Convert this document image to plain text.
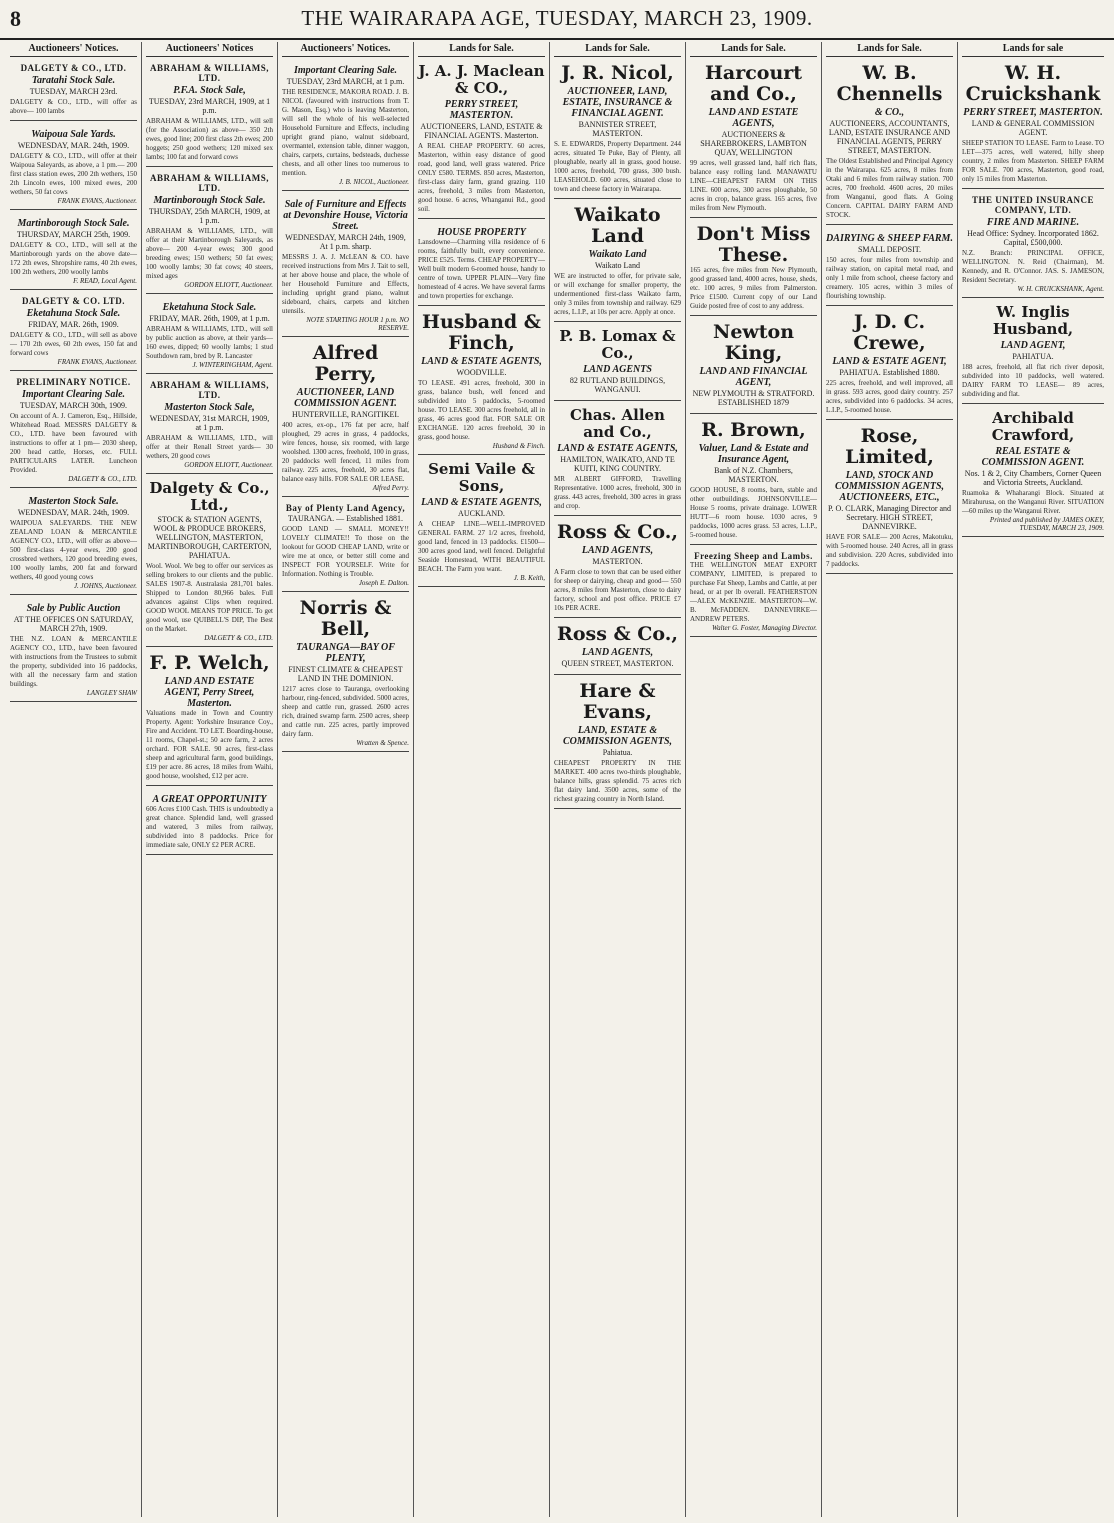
8	THE WAIRARAPA AGE, TUESDAY, MARCH 23, 1909.
Auctioneers' Notices.
DALGETY & CO., LTD.
Taratahi Stock Sale.
TUESDAY, MARCH 23rd.
DALGETY & CO., LTD., will offer as above— 100 lambs
Waipoua Sale Yards.
WEDNESDAY, MAR. 24th, 1909.
DALGETY & CO., LTD., will offer at their Waipoua Saleyards, as above, a 1 pm.— 200 first class station ewes, 200 2th wethers, 150 2th Lincoln ewes, 100 mixed ewes, 200 wethers, 50 fat cows
FRANK EVANS, Auctioneer.
Martinborough Stock Sale.
THURSDAY, MARCH 25th, 1909.
DALGETY & CO., LTD., will sell at the Martinborough yards on the above date— 172 2th ewes, Shropshire rams, 40 2th ewes, 100 2th wethers, 200 woolly lambs
F. READ, Local Agent.
DALGETY & CO. LTD.
Eketahuna Stock Sale.
FRIDAY, MAR. 26th, 1909.
DALGETY & CO., LTD., will sell as above— 170 2th ewes, 60 2th ewes, 150 fat and forward cows
FRANK EVANS, Auctioneer.
PRELIMINARY NOTICE.
Important Clearing Sale.
TUESDAY, MARCH 30th, 1909.
On account of A. J. Cameron, Esq., Hillside, Whitehead Road. MESSRS DALGETY & CO., LTD. have been favoured with instructions to offer at 1 pm— 2030 sheep, 200 head cattle, Horses, etc. FULL PARTICULARS LATER. Luncheon Provided.
DALGETY & CO., LTD.
Masterton Stock Sale.
WEDNESDAY, MAR. 24th, 1909.
WAIPOUA SALEYARDS. THE NEW ZEALAND LOAN & MERCANTILE AGENCY CO., LTD., will offer as above— 500 first-class 4-year ewes, 200 good crossbred wethers, 120 good breeding ewes, 100 woolly lambs, 200 fat and forward wethers, 40 good young cows
J. JOHNS, Auctioneer.
Sale by Public Auction
AT THE OFFICES ON SATURDAY, MARCH 27th, 1909.
THE N.Z. LOAN & MERCANTILE AGENCY CO., LTD., have been favoured with instructions from the Trustees to submit the property, subdivided into 16 paddocks, with all the necessary farm and station buildings.
LANGLEY SHAW
Auctioneers' Notices
ABRAHAM & WILLIAMS, LTD.
P.F.A. Stock Sale,
TUESDAY, 23rd MARCH, 1909, at 1 p.m.
ABRAHAM & WILLIAMS, LTD., will sell (for the Association) as above— 350 2th ewes, good line; 200 first class 2th ewes; 200 hoggets; 250 good wethers; 120 mixed sex lambs; 100 fat and forward cows
ABRAHAM & WILLIAMS, LTD.
Martinborough Stock Sale.
THURSDAY, 25th MARCH, 1909, at 1 p.m.
ABRAHAM & WILLIAMS, LTD., will offer at their Martinborough Saleyards, as above— 200 4-year ewes; 300 good breeding ewes; 150 wethers; 50 fat ewes; 100 woolly lambs; 30 fat cows; 40 steers, mixed ages
GORDON ELIOTT, Auctioneer.
Eketahuna Stock Sale.
FRIDAY, MAR. 26th, 1909, at 1 p.m.
ABRAHAM & WILLIAMS, LTD., will sell by public auction as above, at their yards— 160 ewes, dipped; 60 woolly lambs; 1 stud Southdown ram, bred by R. Lancaster
J. WINTERINGHAM, Agent.
ABRAHAM & WILLIAMS, LTD.
Masterton Stock Sale,
WEDNESDAY, 31st MARCH, 1909, at 1 p.m.
ABRAHAM & WILLIAMS, LTD., will offer at their Renall Street yards— 30 wethers, 20 good cows
GORDON ELIOTT, Auctioneer.
Dalgety & Co., Ltd.,
STOCK & STATION AGENTS, WOOL & PRODUCE BROKERS, WELLINGTON, MASTERTON, MARTINBOROUGH, CARTERTON, PAHIATUA.
Wool. Wool. We beg to offer our services as selling brokers to our clients and the public. SALES 1907-8. Australasia 281,701 bales. Shipped to London 80,966 bales. Full advances against Clips when required. GOOD WOOL MEANS TOP PRICE. To get good wool, use QUIBELL'S DIP, The Best on the Market.
DALGETY & CO., LTD.
F. P. Welch,
LAND AND ESTATE AGENT, Perry Street, Masterton.
Valuations made in Town and Country Property. Agent: Yorkshire Insurance Coy., Fire and Accident. TO LET. Boarding-house, 11 rooms, Chapel-st.; 50 acre farm, 2 acres orchard. FOR SALE. 90 acres, first-class sheep and agricultural farm, good buildings, £19 per acre. 86 acres, 18 miles from Waihi, good house, woolshed, £12 per acre.
A GREAT OPPORTUNITY
606 Acres £100 Cash. THIS is undoubtedly a great chance. Splendid land, well grassed and watered, 3 miles from railway, subdivided into 8 paddocks. Price for immediate sale, ONLY £2 PER ACRE.
Auctioneers' Notices.
Important Clearing Sale.
TUESDAY, 23rd MARCH, at 1 p.m.
THE RESIDENCE, MAKORA ROAD. J. B. NICOL (favoured with instructions from T. G. Mason, Esq.) who is leaving Masterton, will sell the whole of his well-selected Household Furniture and Effects, including upright grand piano, walnut sideboard, overmantel, extension table, dinner waggon, chairs, carpets, curtains, bedsteads, duchesse chests, and all other lines too numerous to mention.
J. B. NICOL, Auctioneer.
Sale of Furniture and Effects at Devonshire House, Victoria Street.
WEDNESDAY, MARCH 24th, 1909, At 1 p.m. sharp.
MESSRS J. A. J. McLEAN & CO. have received instructions from Mrs J. Tait to sell, at her above house and place, the whole of her Household Furniture and Effects, including upright grand piano, walnut sideboard, chairs, carpets and kitchen utensils.
NOTE STARTING HOUR 1 p.m. NO RESERVE.
Alfred Perry,
AUCTIONEER, LAND COMMISSION AGENT.
HUNTERVILLE, RANGITIKEI.
400 acres, ex-op., 176 fat per acre, half ploughed, 29 acres in grass, 4 paddocks, wire fences, house, six roomed, with large woolshed. 1300 acres, freehold, 100 in grass, 20 paddocks well fenced, 11 miles from railway. 225 acres, freehold, 30 acres flat, balance easy hills. FOR SALE OR LEASE.
Alfred Perry.
Bay of Plenty Land Agency,
TAURANGA. — Established 1881.
GOOD LAND — SMALL MONEY!! LOVELY CLIMATE!! To those on the lookout for GOOD CHEAP LAND, write or wire me at once, or better still come and INSPECT FOR YOURSELF. Write for Information. Nothing is Trouble.
Joseph E. Dalton.
Norris & Bell,
TAURANGA—BAY OF PLENTY,
FINEST CLIMATE & CHEAPEST LAND IN THE DOMINION.
1217 acres close to Tauranga, overlooking harbour, ring-fenced, subdivided. 5000 acres, sheep and cattle run, grassed. 2600 acres rich, drained swamp farm. 2500 acres, sheep and cattle run. 225 acres, partly improved dairy farm.
Wratten & Spence.
Lands for Sale.
J. A. J. Maclean & CO.,
PERRY STREET, MASTERTON.
AUCTIONEERS, LAND, ESTATE & FINANCIAL AGENTS. Masterton.
A REAL CHEAP PROPERTY. 60 acres, Masterton, within easy distance of good road, good land, well grass watered. Price ONLY £580. TERMS. 850 acres, Masterton, first-class dairy farm, grand grazing. 110 acres, freehold, 3 miles from Masterton, good house. 6 acres, Whanganui Rd., good soil.
HOUSE PROPERTY
Lansdowne—Charming villa residence of 6 rooms, faithfully built, every convenience. PRICE £525. Terms. CHEAP PROPERTY—Well built modern 6-roomed house, handy to centre of town. UPPER PLAIN—Very fine homestead of 4 acres. We have several farms and town properties for exchange.
Husband & Finch,
LAND & ESTATE AGENTS,
WOODVILLE.
TO LEASE. 491 acres, freehold, 300 in grass, balance bush, well fenced and subdivided into 5 paddocks, 5-roomed house. TO LEASE. 300 acres freehold, all in grass, 46 acres good flat. FOR SALE OR EXCHANGE. 120 acres freehold, 30 in grass, good house.
Husband & Finch.
Semi Vaile & Sons,
LAND & ESTATE AGENTS,
AUCKLAND.
A CHEAP LINE—WELL-IMPROVED GENERAL FARM. 27 1/2 acres, freehold, good land, fenced in 13 paddocks. £1500—300 acres good land, well fenced. Delightful Seaside Homestead, WITH BEAUTIFUL BEACH. The Farm you want.
J. B. Keith,
Lands for Sale.
J. R. Nicol,
AUCTIONEER, LAND, ESTATE, INSURANCE & FINANCIAL AGENT.
BANNISTER STREET, MASTERTON.
S. E. EDWARDS, Property Department. 244 acres, situated Te Puke, Bay of Plenty, all ploughable, nearly all in grass, good house. 1000 acres, freehold, 700 grass, 300 bush. LEASEHOLD. 600 acres, situated close to town and cheese factory in Wairarapa.
Waikato Land
Waikato Land
Waikato Land
WE are instructed to offer, for private sale, or will exchange for smaller property, the undermentioned first-class Waikato farm, only 3 miles from township and railway. 629 acres, L.I.P., at 10s per acre. Apply at once.
P. B. Lomax & Co.,
LAND AGENTS
82 RUTLAND BUILDINGS, WANGANUI.
Chas. Allen and Co.,
LAND & ESTATE AGENTS,
HAMILTON, WAIKATO, AND TE KUITI, KING COUNTRY.
MR ALBERT GIFFORD, Travelling Representative. 1000 acres, freehold, 300 in grass. 443 acres, freehold, 300 acres in grass and crop.
Ross & Co.,
LAND AGENTS,
MASTERTON.
A Farm close to town that can be used either for sheep or dairying, cheap and good— 550 acres, 8 miles from Masterton, close to dairy factory, school and post office. PRICE £7 10s PER ACRE.
Ross & Co.,
LAND AGENTS,
QUEEN STREET, MASTERTON.
Hare & Evans,
LAND, ESTATE & COMMISSION AGENTS,
Pahiatua.
CHEAPEST PROPERTY IN THE MARKET. 400 acres two-thirds ploughable, balance hills, grass splendid. 75 acres rich flat dairy land. 3500 acres, some of the richest grazing country in North Island.
Lands for Sale.
Harcourt and Co.,
LAND AND ESTATE AGENTS,
AUCTIONEERS & SHAREBROKERS, LAMBTON QUAY, WELLINGTON
99 acres, well grassed land, half rich flats, balance easy rolling land. MANAWATU LINE—CHEAPEST FARM ON THIS LINE. 600 acres, 300 acres ploughable, 50 acres in crop, balance grass. 165 acres, five miles from New Plymouth.
Don't Miss These.
165 acres, five miles from New Plymouth, good grassed land, 4000 acres, house, sheds, etc. 100 acres, 9 miles from Palmerston. Price £1500. Current copy of our Land Guide posted free of cost to any address.
Newton King,
LAND AND FINANCIAL AGENT,
NEW PLYMOUTH & STRATFORD. ESTABLISHED 1879
R. Brown,
Valuer, Land & Estate and Insurance Agent,
Bank of N.Z. Chambers, MASTERTON.
GOOD HOUSE, 8 rooms, barn, stable and other outbuildings. JOHNSONVILLE—House 5 rooms, private drainage. LOWER HUTT—6 room house. 1030 acres, 9 paddocks, 1000 acres grass. 53 acres, L.I.P., 5-roomed house.
Freezing Sheep and Lambs.
THE WELLINGTON MEAT EXPORT COMPANY, LIMITED, is prepared to purchase Fat Sheep, Lambs and Cattle, at per head, or at per lb overall. FEATHERSTON—ALEX McKENZIE. MASTERTON—W. B. McFADDEN. DANNEVIRKE—ANDREW PETERS.
Walter G. Foster, Managing Director.
Lands for Sale.
W. B. Chennells
& CO.,
AUCTIONEERS, ACCOUNTANTS, LAND, ESTATE INSURANCE AND FINANCIAL AGENTS, PERRY STREET, MASTERTON.
The Oldest Established and Principal Agency in the Wairarapa. 625 acres, 8 miles from Otaki and 6 miles from railway station. 700 acres, 700 freehold. 4600 acres, 20 miles from Wanganui, good flats. A Going Concern. CAPITAL DAIRY FARM AND STOCK.
DAIRYING & SHEEP FARM.
SMALL DEPOSIT.
150 acres, four miles from township and railway station, on capital metal road, and only 1 mile from school, cheese factory and creamery. 105 acres, within 3 miles of flourishing township.
J. D. C. Crewe,
LAND & ESTATE AGENT,
PAHIATUA. Established 1880.
225 acres, freehold, and well improved, all in grass. 593 acres, good dairy country. 257 acres, subdivided into 6 paddocks. 34 acres, L.I.P., 5-roomed house.
Rose, Limited,
LAND, STOCK AND COMMISSION AGENTS, AUCTIONEERS, ETC.,
P. O. CLARK, Managing Director and Secretary. HIGH STREET, DANNEVIRKE.
HAVE FOR SALE— 200 Acres, Makotuku, with 5-roomed house. 240 Acres, all in grass and subdivision. 220 Acres, subdivided into 7 paddocks.
Lands for sale
W. H. Cruickshank
PERRY STREET, MASTERTON.
LAND & GENERAL COMMISSION AGENT.
SHEEP STATION TO LEASE. Farm to Lease. TO LET—375 acres, well watered, hilly sheep country, 2 miles from Masterton. SHEEP FARM FOR SALE. 700 acres, Masterton, good road, only 15 miles from Masterton.
THE UNITED INSURANCE COMPANY, LTD.
FIRE AND MARINE.
Head Office: Sydney. Incorporated 1862. Capital, £500,000.
N.Z. Branch: PRINCIPAL OFFICE, WELLINGTON. N. Reid (Chairman), M. Kennedy, and R. O'Connor. JAS. S. JAMESON, Resident Secretary.
W. H. CRUICKSHANK, Agent.
W. Inglis Husband,
LAND AGENT,
PAHIATUA.
188 acres, freehold, all flat rich river deposit, subdivided into 10 paddocks, well watered. DAIRY FARM TO LEASE— 89 acres, subdividing and flat.
Archibald Crawford,
REAL ESTATE & COMMISSION AGENT.
Nos. 1 & 2, City Chambers, Corner Queen and Victoria Streets, Auckland.
Ruamoka & Whaharangi Block. Situated at Mirahurusa, on the Wanganui River. SITUATION—60 miles up the Wanganui River.
Printed and published by JAMES OKEY, TUESDAY, MARCH 23, 1909.
